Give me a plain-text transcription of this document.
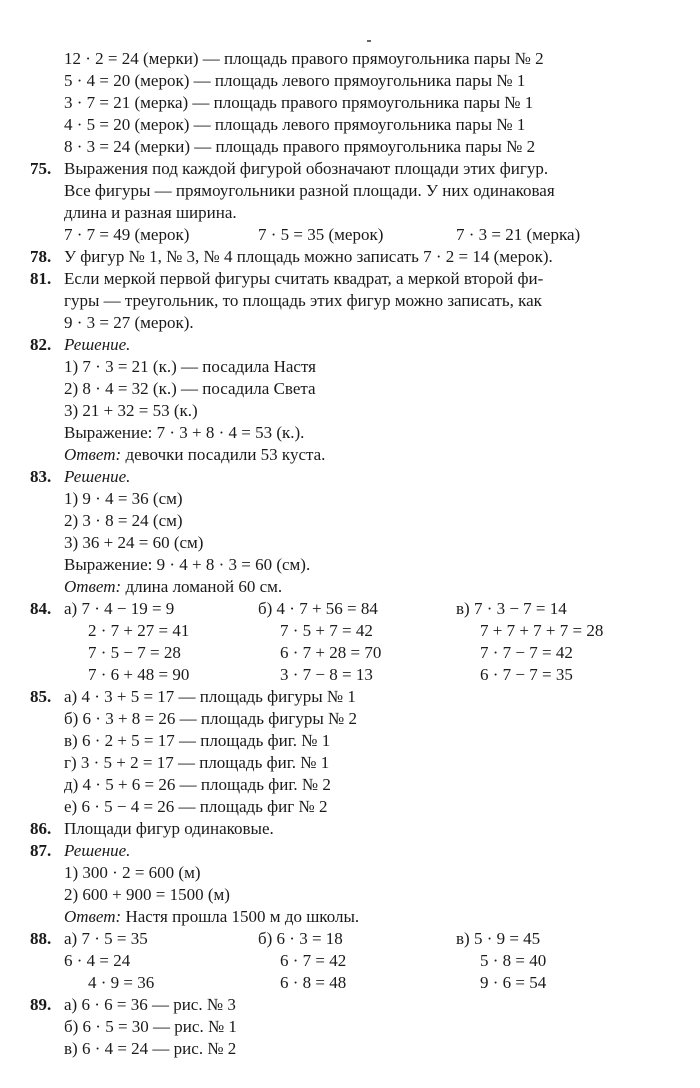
12 · 2 = 24 (мерки) — площадь правого прямоугольника пары № 2
5 · 4 = 20 (мерок) — площадь левого прямоугольника пары № 1
3 · 7 = 21 (мерка) — площадь правого прямоугольника пары № 1
4 · 5 = 20 (мерок) — площадь левого прямоугольника пары № 1
8 · 3 = 24 (мерки) — площадь правого прямоугольника пары № 2
75. Выражения под каждой фигурой обозначают площади этих фигур.
Все фигуры — прямоугольники разной площади. У них одинаковая
длина и разная ширина.
7 · 7 = 49 (мерок)	7 · 5 = 35 (мерок)	7 · 3 = 21 (мерка)
78. У фигур № 1, № 3, № 4 площадь можно записать 7 · 2 = 14 (мерок).
81. Если меркой первой фигуры считать квадрат, а меркой второй фи-
гуры — треугольник, то площадь этих фигур можно записать, как
9 · 3 = 27 (мерок).
82. Решение.
1) 7 · 3 = 21 (к.) — посадила Настя
2) 8 · 4 = 32 (к.) — посадила Света
3) 21 + 32 = 53 (к.)
Выражение: 7 · 3 + 8 · 4 = 53 (к.).
Ответ: девочки посадили 53 куста.
83. Решение.
1) 9 · 4 = 36 (см)
2) 3 · 8 = 24 (см)
3) 36 + 24 = 60 (см)
Выражение: 9 · 4 + 8 · 3 = 60 (см).
Ответ: длина ломаной 60 см.
84. а) 7 · 4 − 19 = 9
2 · 7 + 27 = 41
7 · 5 − 7 = 28
7 · 6 + 48 = 90
б) 4 · 7 + 56 = 84
7 · 5 + 7 = 42
6 · 7 + 28 = 70
3 · 7 − 8 = 13
в) 7 · 3 − 7 = 14
7 + 7 + 7 + 7 = 28
7 · 7 − 7 = 42
6 · 7 − 7 = 35
85. а) 4 · 3 + 5 = 17 — площадь фигуры № 1
б) 6 · 3 + 8 = 26 — площадь фигуры № 2
в) 6 · 2 + 5 = 17 — площадь фиг. № 1
г) 3 · 5 + 2 = 17 — площадь фиг. № 1
д) 4 · 5 + 6 = 26 — площадь фиг. № 2
е) 6 · 5 − 4 = 26 — площадь фиг № 2
86. Площади фигур одинаковые.
87. Решение.
1) 300 · 2 = 600 (м)
2) 600 + 900 = 1500 (м)
Ответ: Настя прошла 1500 м до школы.
88. а) 7 · 5 = 35
6 · 4 = 24
4 · 9 = 36
б) 6 · 3 = 18
6 · 7 = 42
6 · 8 = 48
в) 5 · 9 = 45
5 · 8 = 40
9 · 6 = 54
89. а) 6 · 6 = 36 — рис. № 3
б) 6 · 5 = 30 — рис. № 1
в) 6 · 4 = 24 — рис. № 2
